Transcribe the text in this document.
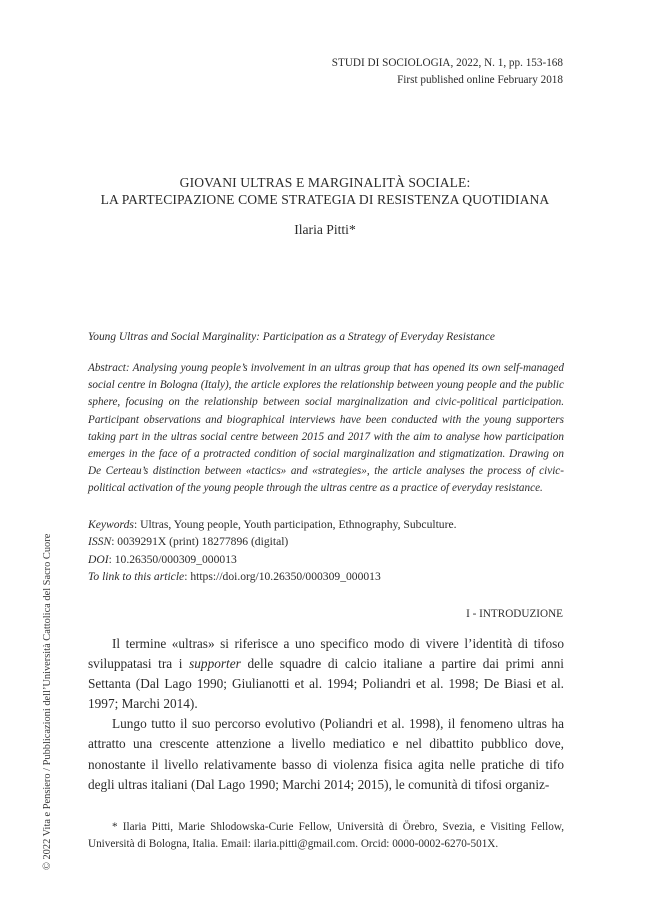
STUDI DI SOCIOLOGIA, 2022, N. 1, pp. 153-168
First published online February 2018
GIOVANI ULTRAS E MARGINALITÀ SOCIALE:
LA PARTECIPAZIONE COME STRATEGIA DI RESISTENZA QUOTIDIANA
Ilaria Pitti*
Young Ultras and Social Marginality: Participation as a Strategy of Everyday Resistance
Abstract: Analysing young people’s involvement in an ultras group that has opened its own self-managed social centre in Bologna (Italy), the article explores the relationship between young people and the public sphere, focusing on the relationship between social marginalization and civic-political participation. Participant observations and biographical interviews have been conducted with the young supporters taking part in the ultras social centre between 2015 and 2017 with the aim to analyse how participation emerges in the face of a protracted condition of social marginalization and stigmatization. Drawing on De Certeau’s distinction between «tactics» and «strategies», the article analyses the process of civic-political activation of the young people through the ultras centre as a practice of everyday resistance.
Keywords: Ultras, Young people, Youth participation, Ethnography, Subculture.
ISSN: 0039291X (print) 18277896 (digital)
DOI: 10.26350/000309_000013
To link to this article: https://doi.org/10.26350/000309_000013
I - INTRODUZIONE

Il termine «ultras» si riferisce a uno specifico modo di vivere l’identità di tifoso sviluppatasi tra i supporter delle squadre di calcio italiane a partire dai primi anni Settanta (Dal Lago 1990; Giulianotti et al. 1994; Poliandri et al. 1998; De Biasi et al. 1997; Marchi 2014).

Lungo tutto il suo percorso evolutivo (Poliandri et al. 1998), il fenomeno ultras ha attratto una crescente attenzione a livello mediatico e nel dibattito pubblico dove, nonostante il livello relativamente basso di violenza fisica agita nelle pratiche di tifo degli ultras italiani (Dal Lago 1990; Marchi 2014; 2015), le comunità di tifosi organiz-

* Ilaria Pitti, Marie Shlodowska-Curie Fellow, Università di Örebro, Svezia, e Visiting Fellow, Università di Bologna, Italia. Email: ilaria.pitti@gmail.com. Orcid: 0000-0002-6270-501X.

© 2022 Vita e Pensiero / Pubblicazioni dell’Università Cattolica del Sacro Cuore
